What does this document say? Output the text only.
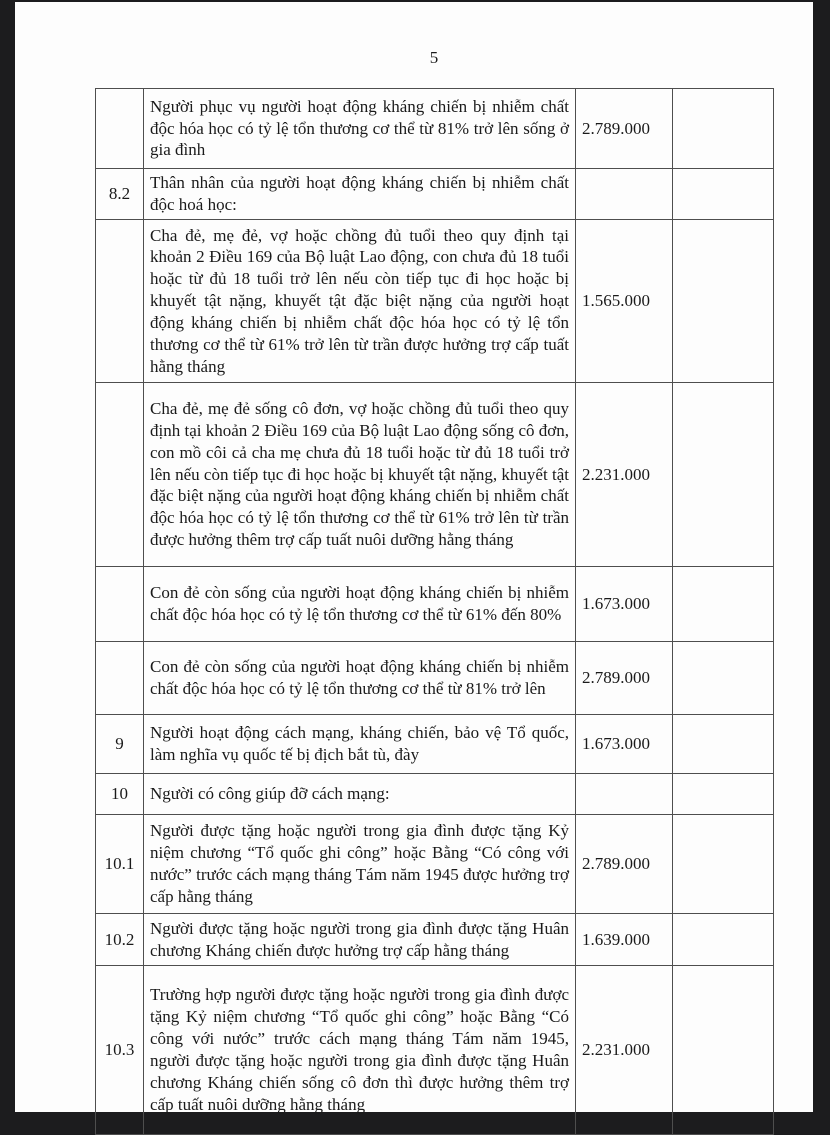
5
	Người phục vụ người hoạt động kháng chiến bị nhiễm chất độc hóa học có tỷ lệ tổn thương cơ thể từ 81% trở lên sống ở gia đình	2.789.000	
8.2	Thân nhân của người hoạt động kháng chiến bị nhiễm chất độc hoá học:		
	Cha đẻ, mẹ đẻ, vợ hoặc chồng đủ tuổi theo quy định tại khoản 2 Điều 169 của Bộ luật Lao động, con chưa đủ 18 tuổi hoặc từ đủ 18 tuổi trở lên nếu còn tiếp tục đi học hoặc bị khuyết tật nặng, khuyết tật đặc biệt nặng của người hoạt động kháng chiến bị nhiễm chất độc hóa học có tỷ lệ tổn thương cơ thể từ 61% trở lên từ trần được hưởng trợ cấp tuất hằng tháng	1.565.000	
	Cha đẻ, mẹ đẻ sống cô đơn, vợ hoặc chồng đủ tuổi theo quy định tại khoản 2 Điều 169 của Bộ luật Lao động sống cô đơn, con mồ côi cả cha mẹ chưa đủ 18 tuổi hoặc từ đủ 18 tuổi trở lên nếu còn tiếp tục đi học hoặc bị khuyết tật nặng, khuyết tật đặc biệt nặng của người hoạt động kháng chiến bị nhiễm chất độc hóa học có tỷ lệ tổn thương cơ thể từ 61% trở lên từ trần được hưởng thêm trợ cấp tuất nuôi dưỡng hằng tháng	2.231.000	
	Con đẻ còn sống của người hoạt động kháng chiến bị nhiễm chất độc hóa học có tỷ lệ tổn thương cơ thể từ 61% đến 80%	1.673.000	
	Con đẻ còn sống của người hoạt động kháng chiến bị nhiễm chất độc hóa học có tỷ lệ tổn thương cơ thể từ 81% trở lên	2.789.000	
9	Người hoạt động cách mạng, kháng chiến, bảo vệ Tổ quốc, làm nghĩa vụ quốc tế bị địch bắt tù, đày	1.673.000	
10	Người có công giúp đỡ cách mạng:		
10.1	Người được tặng hoặc người trong gia đình được tặng Kỷ niệm chương “Tổ quốc ghi công” hoặc Bằng “Có công với nước” trước cách mạng tháng Tám năm 1945 được hưởng trợ cấp hằng tháng	2.789.000	
10.2	Người được tặng hoặc người trong gia đình được tặng Huân chương Kháng chiến được hưởng trợ cấp hằng tháng	1.639.000	
10.3	Trường hợp người được tặng hoặc người trong gia đình được tặng Kỷ niệm chương “Tổ quốc ghi công” hoặc Bằng “Có công với nước” trước cách mạng tháng Tám năm 1945, người được tặng hoặc người trong gia đình được tặng Huân chương Kháng chiến sống cô đơn thì được hưởng thêm trợ cấp tuất nuôi dưỡng hằng tháng	2.231.000	
